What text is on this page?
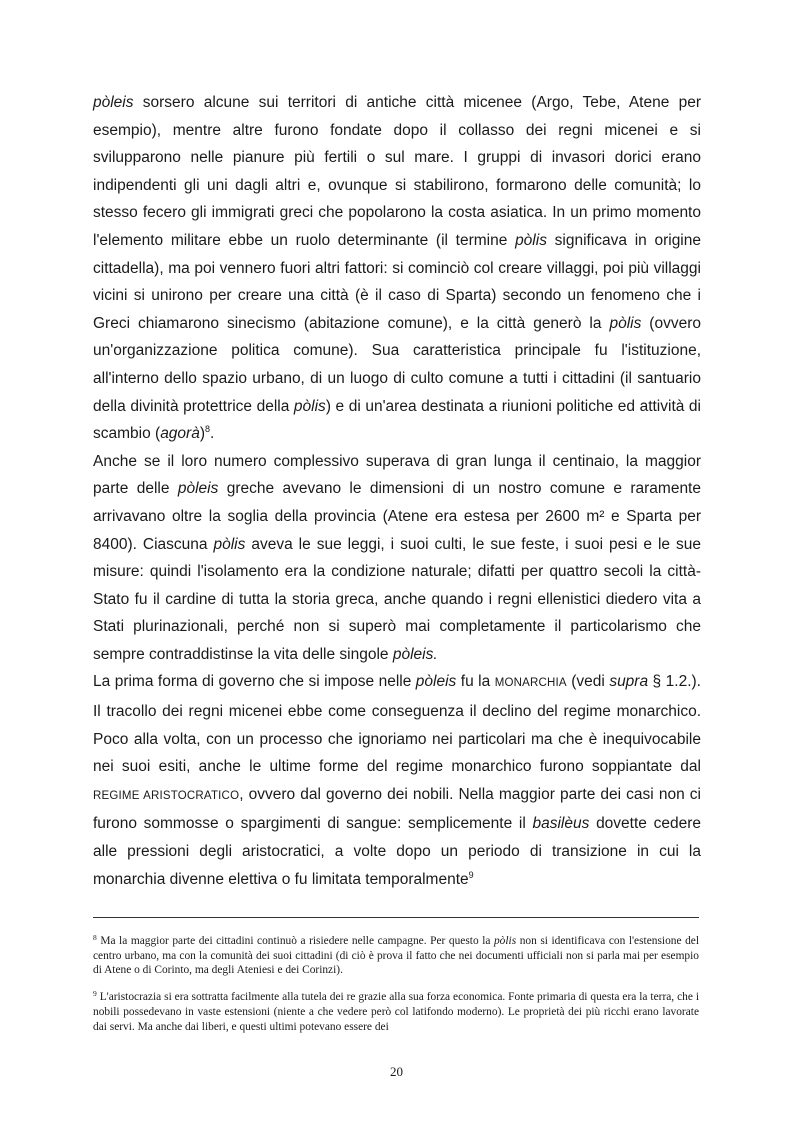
pòleis sorsero alcune sui territori di antiche città micenee (Argo, Tebe, Atene per esempio), mentre altre furono fondate dopo il collasso dei regni micenei e si svilupparono nelle pianure più fertili o sul mare. I gruppi di invasori dorici erano indipendenti gli uni dagli altri e, ovunque si stabilirono, formarono delle comunità; lo stesso fecero gli immigrati greci che popolarono la costa asiatica. In un primo momento l'elemento militare ebbe un ruolo determinante (il termine pòlis significava in origine cittadella), ma poi vennero fuori altri fattori: si cominciò col creare villaggi, poi più villaggi vicini si unirono per creare una città (è il caso di Sparta) secondo un fenomeno che i Greci chiamarono sinecismo (abitazione comune), e la città generò la pòlis (ovvero un'organizzazione politica comune). Sua caratteristica principale fu l'istituzione, all'interno dello spazio urbano, di un luogo di culto comune a tutti i cittadini (il santuario della divinità protettrice della pòlis) e di un'area destinata a riunioni politiche ed attività di scambio (agorà)$^8$.

Anche se il loro numero complessivo superava di gran lunga il centinaio, la maggior parte delle pòleis greche avevano le dimensioni di un nostro comune e raramente arrivavano oltre la soglia della provincia (Atene era estesa per 2600 m² e Sparta per 8400). Ciascuna pòlis aveva le sue leggi, i suoi culti, le sue feste, i suoi pesi e le sue misure: quindi l'isolamento era la condizione naturale; difatti per quattro secoli la città-Stato fu il cardine di tutta la storia greca, anche quando i regni ellenistici diedero vita a Stati plurinazionali, perché non si superò mai completamente il particolarismo che sempre contraddistinse la vita delle singole pòleis.

La prima forma di governo che si impose nelle pòleis fu la MONARCHIA (vedi supra § 1.2.). Il tracollo dei regni micenei ebbe come conseguenza il declino del regime monarchico. Poco alla volta, con un processo che ignoriamo nei particolari ma che è inequivocabile nei suoi esiti, anche le ultime forme del regime monarchico furono soppiantate dal REGIME ARISTOCRATICO, ovvero dal governo dei nobili. Nella maggior parte dei casi non ci furono sommosse o spargimenti di sangue: semplicemente il basilèus dovette cedere alle pressioni degli aristocratici, a volte dopo un periodo di transizione in cui la monarchia divenne elettiva o fu limitata temporalmente$^9$

$^8$ Ma la maggior parte dei cittadini continuò a risiedere nelle campagne. Per questo la pòlis non si identificava con l'estensione del centro urbano, ma con la comunità dei suoi cittadini (di ciò è prova il fatto che nei documenti ufficiali non si parla mai per esempio di Atene o di Corinto, ma degli Ateniesi e dei Corinzi).

$^9$ L'aristocrazia si era sottratta facilmente alla tutela dei re grazie alla sua forza economica. Fonte primaria di questa era la terra, che i nobili possedevano in vaste estensioni (niente a che vedere però col latifondo moderno). Le proprietà dei più ricchi erano lavorate dai servi. Ma anche dai liberi, e questi ultimi potevano essere dei

20
